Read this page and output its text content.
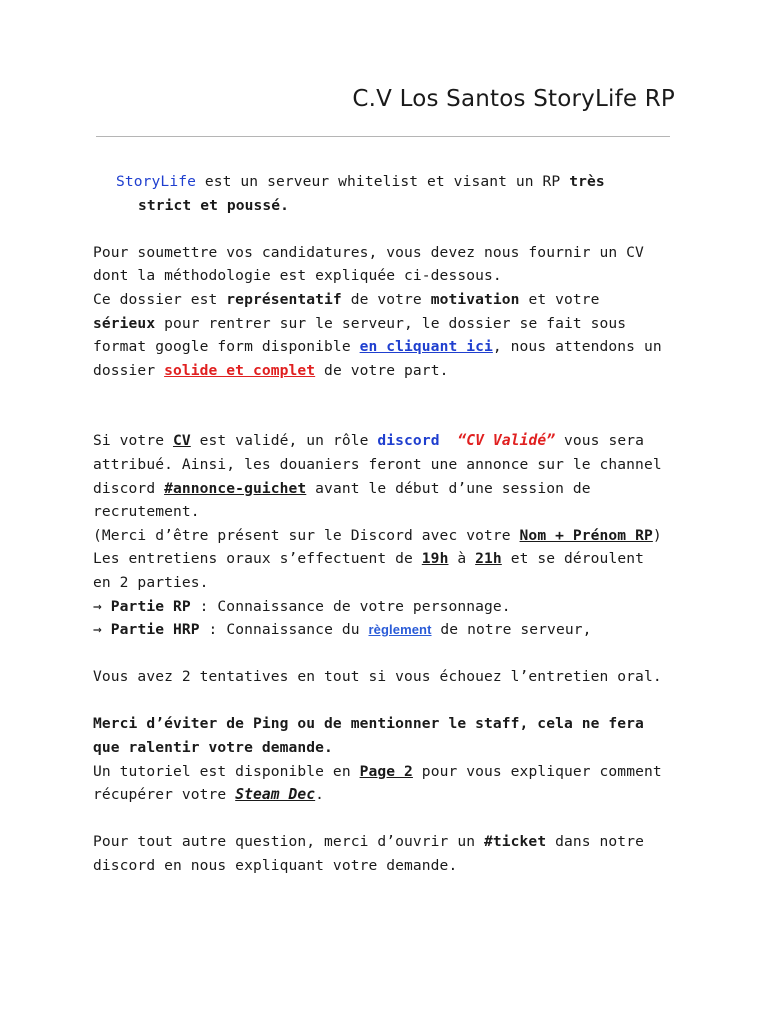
C.V Los Santos StoryLife RP

StoryLife est un serveur whitelist et visant un RP très

strict et poussé.

Pour soumettre vos candidatures, vous devez nous fournir un CV

dont la méthodologie est expliquée ci-dessous.

Ce dossier est représentatif de votre motivation et votre

sérieux pour rentrer sur le serveur, le dossier se fait sous

format google form disponible en cliquant ici, nous attendons un

dossier solide et complet de votre part.

Si votre CV est validé, un rôle discord “CV Validé” vous sera

attribué. Ainsi, les douaniers feront une annonce sur le channel

discord #annonce-guichet avant le début d’une session de

recrutement.

(Merci d’être présent sur le Discord avec votre Nom + Prénom RP)

Les entretiens oraux s’effectuent de 19h à 21h et se déroulent

en 2 parties.

→ Partie RP : Connaissance de votre personnage.

→ Partie HRP : Connaissance du règlement de notre serveur,

Vous avez 2 tentatives en tout si vous échouez l’entretien oral.

Merci d’éviter de Ping ou de mentionner le staff, cela ne fera

que ralentir votre demande.

Un tutoriel est disponible en Page 2 pour vous expliquer comment

récupérer votre Steam Dec.

Pour tout autre question, merci d’ouvrir un #ticket dans notre

discord en nous expliquant votre demande.
